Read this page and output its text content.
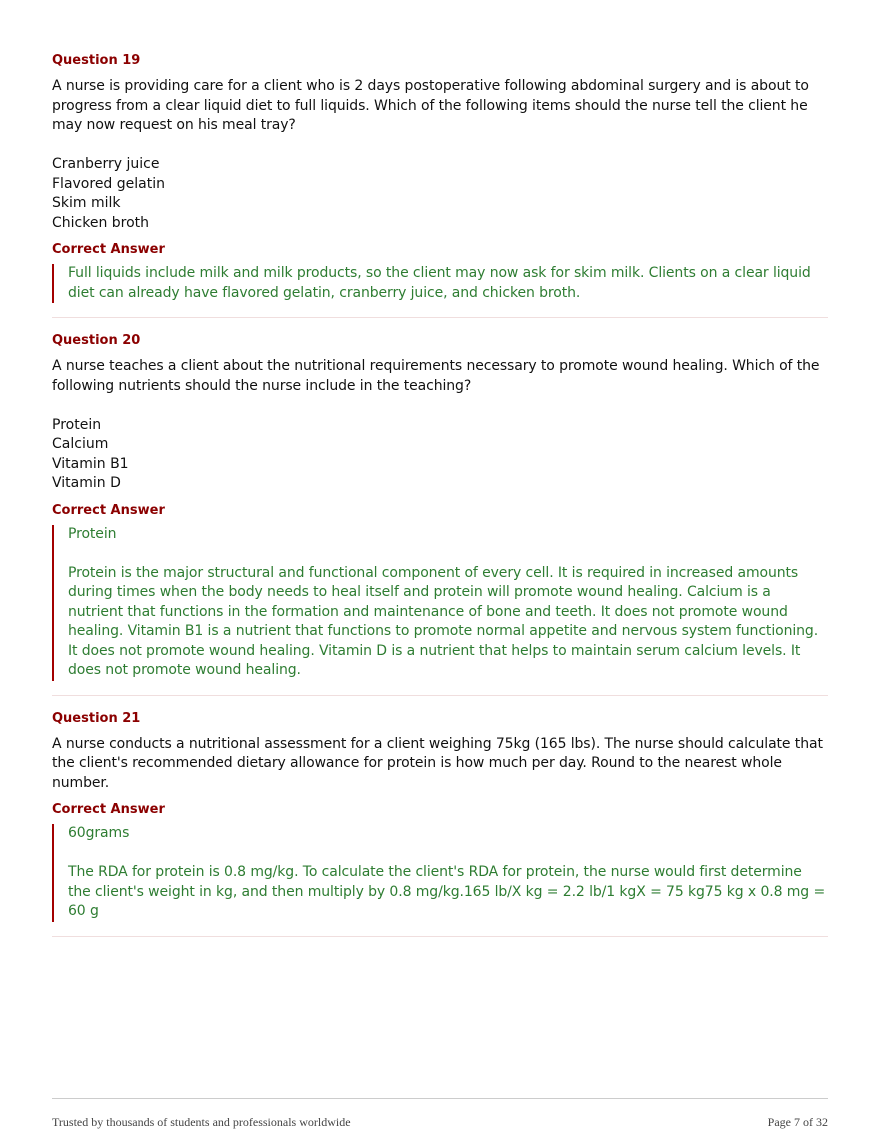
Question 19
A nurse is providing care for a client who is 2 days postoperative following abdominal surgery and is about to progress from a clear liquid diet to full liquids. Which of the following items should the nurse tell the client he may now request on his meal tray?
Cranberry juice
Flavored gelatin
Skim milk
Chicken broth
Correct Answer
Full liquids include milk and milk products, so the client may now ask for skim milk. Clients on a clear liquid diet can already have flavored gelatin, cranberry juice, and chicken broth.
Question 20
A nurse teaches a client about the nutritional requirements necessary to promote wound healing. Which of the following nutrients should the nurse include in the teaching?
Protein
Calcium
Vitamin B1
Vitamin D
Correct Answer
Protein
Protein is the major structural and functional component of every cell. It is required in increased amounts during times when the body needs to heal itself and protein will promote wound healing. Calcium is a nutrient that functions in the formation and maintenance of bone and teeth. It does not promote wound healing. Vitamin B1 is a nutrient that functions to promote normal appetite and nervous system functioning. It does not promote wound healing. Vitamin D is a nutrient that helps to maintain serum calcium levels. It does not promote wound healing.
Question 21
A nurse conducts a nutritional assessment for a client weighing 75kg (165 lbs). The nurse should calculate that the client's recommended dietary allowance for protein is how much per day. Round to the nearest whole number.
Correct Answer
60grams
The RDA for protein is 0.8 mg/kg. To calculate the client's RDA for protein, the nurse would first determine the client's weight in kg, and then multiply by 0.8 mg/kg.165 lb/X kg = 2.2 lb/1 kgX = 75 kg75 kg x 0.8 mg = 60 g
Trusted by thousands of students and professionals worldwide	Page 7 of 32
